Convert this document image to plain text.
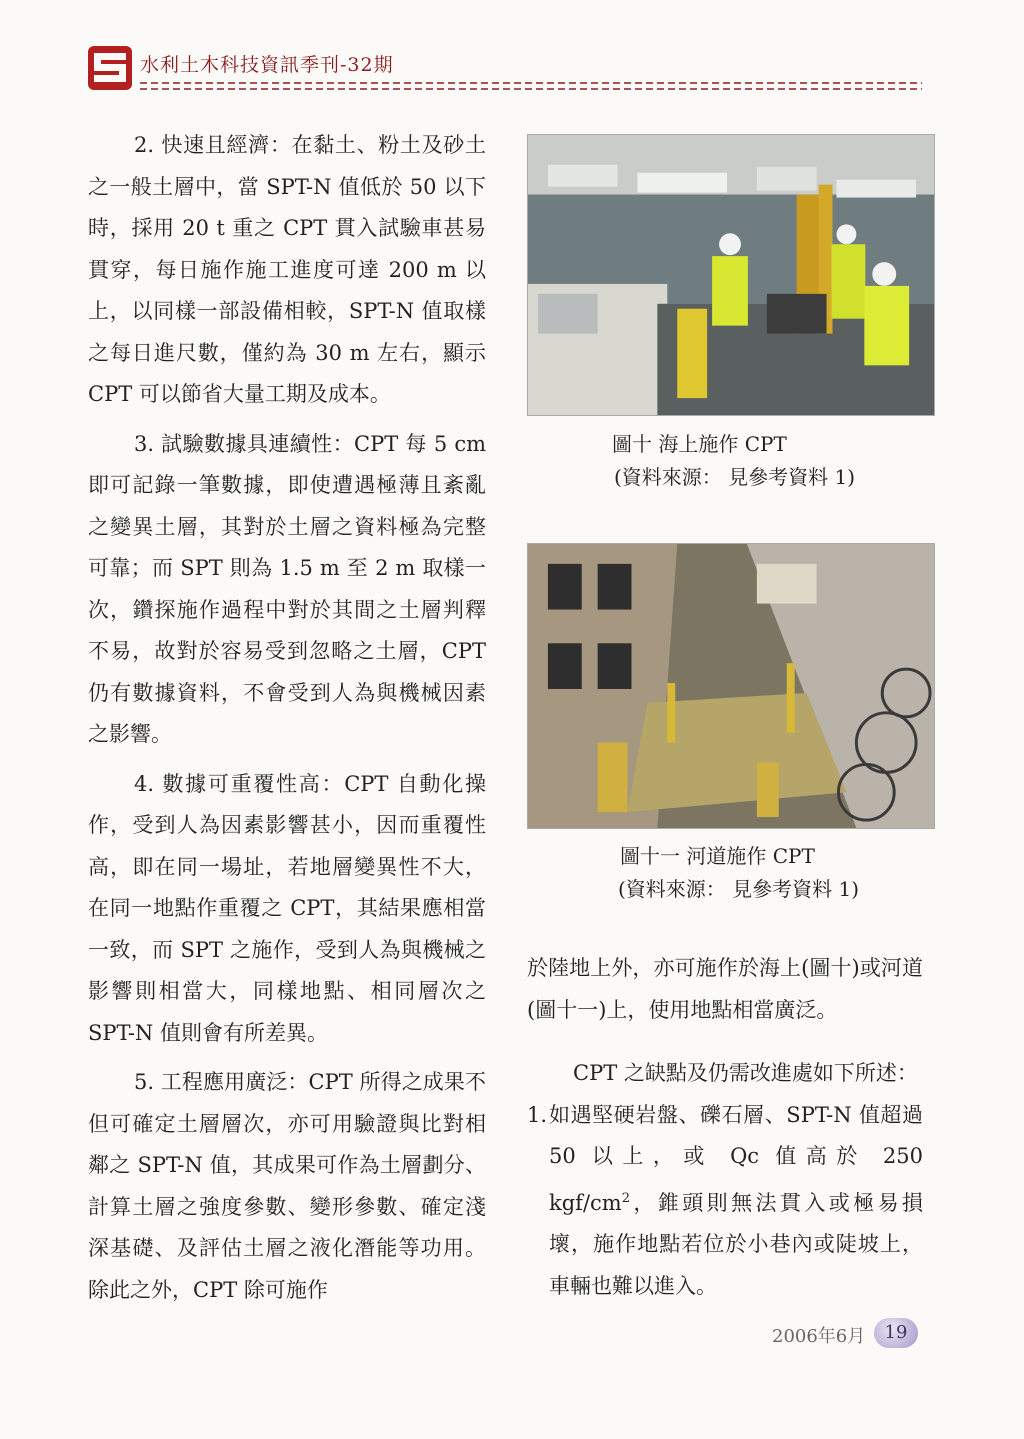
水利土木科技資訊季刊-32期

2. 快速且經濟：在黏土、粉土及砂土之一般土層中，當 SPT-N 值低於 50 以下時，採用 20 t 重之 CPT 貫入試驗車甚易貫穿，每日施作施工進度可達 200 m 以上，以同樣一部設備相較，SPT-N 值取樣之每日進尺數，僅約為 30 m 左右，顯示 CPT 可以節省大量工期及成本。

3. 試驗數據具連續性：CPT 每 5 cm 即可記錄一筆數據，即使遭遇極薄且紊亂之變異土層，其對於土層之資料極為完整可靠；而 SPT 則為 1.5 m 至 2 m 取樣一次，鑽探施作過程中對於其間之土層判釋不易，故對於容易受到忽略之土層，CPT 仍有數據資料，不會受到人為與機械因素之影響。

4. 數據可重覆性高：CPT 自動化操作，受到人為因素影響甚小，因而重覆性高，即在同一場址，若地層變異性不大，在同一地點作重覆之 CPT，其結果應相當一致，而 SPT 之施作，受到人為與機械之影響則相當大，同樣地點、相同層次之 SPT-N 值則會有所差異。

5. 工程應用廣泛：CPT 所得之成果不但可確定土層層次，亦可用驗證與比對相鄰之 SPT-N 值，其成果可作為土層劃分、計算土層之強度參數、變形參數、確定淺深基礎、及評估土層之液化潛能等功用。除此之外，CPT 除可施作

圖十 海上施作 CPT
(資料來源： 見參考資料 1)
圖十一 河道施作 CPT
(資料來源： 見參考資料 1)

於陸地上外，亦可施作於海上(圖十)或河道(圖十一)上，使用地點相當廣泛。

CPT 之缺點及仍需改進處如下所述：

1. 如遇堅硬岩盤、礫石層、SPT-N 值超過 50 以上，或 Qc 值高於 250 kgf/$cm^2$，錐頭則無法貫入或極易損壞，施作地點若位於小巷內或陡坡上，車輛也難以進入。
2006年6月	19
